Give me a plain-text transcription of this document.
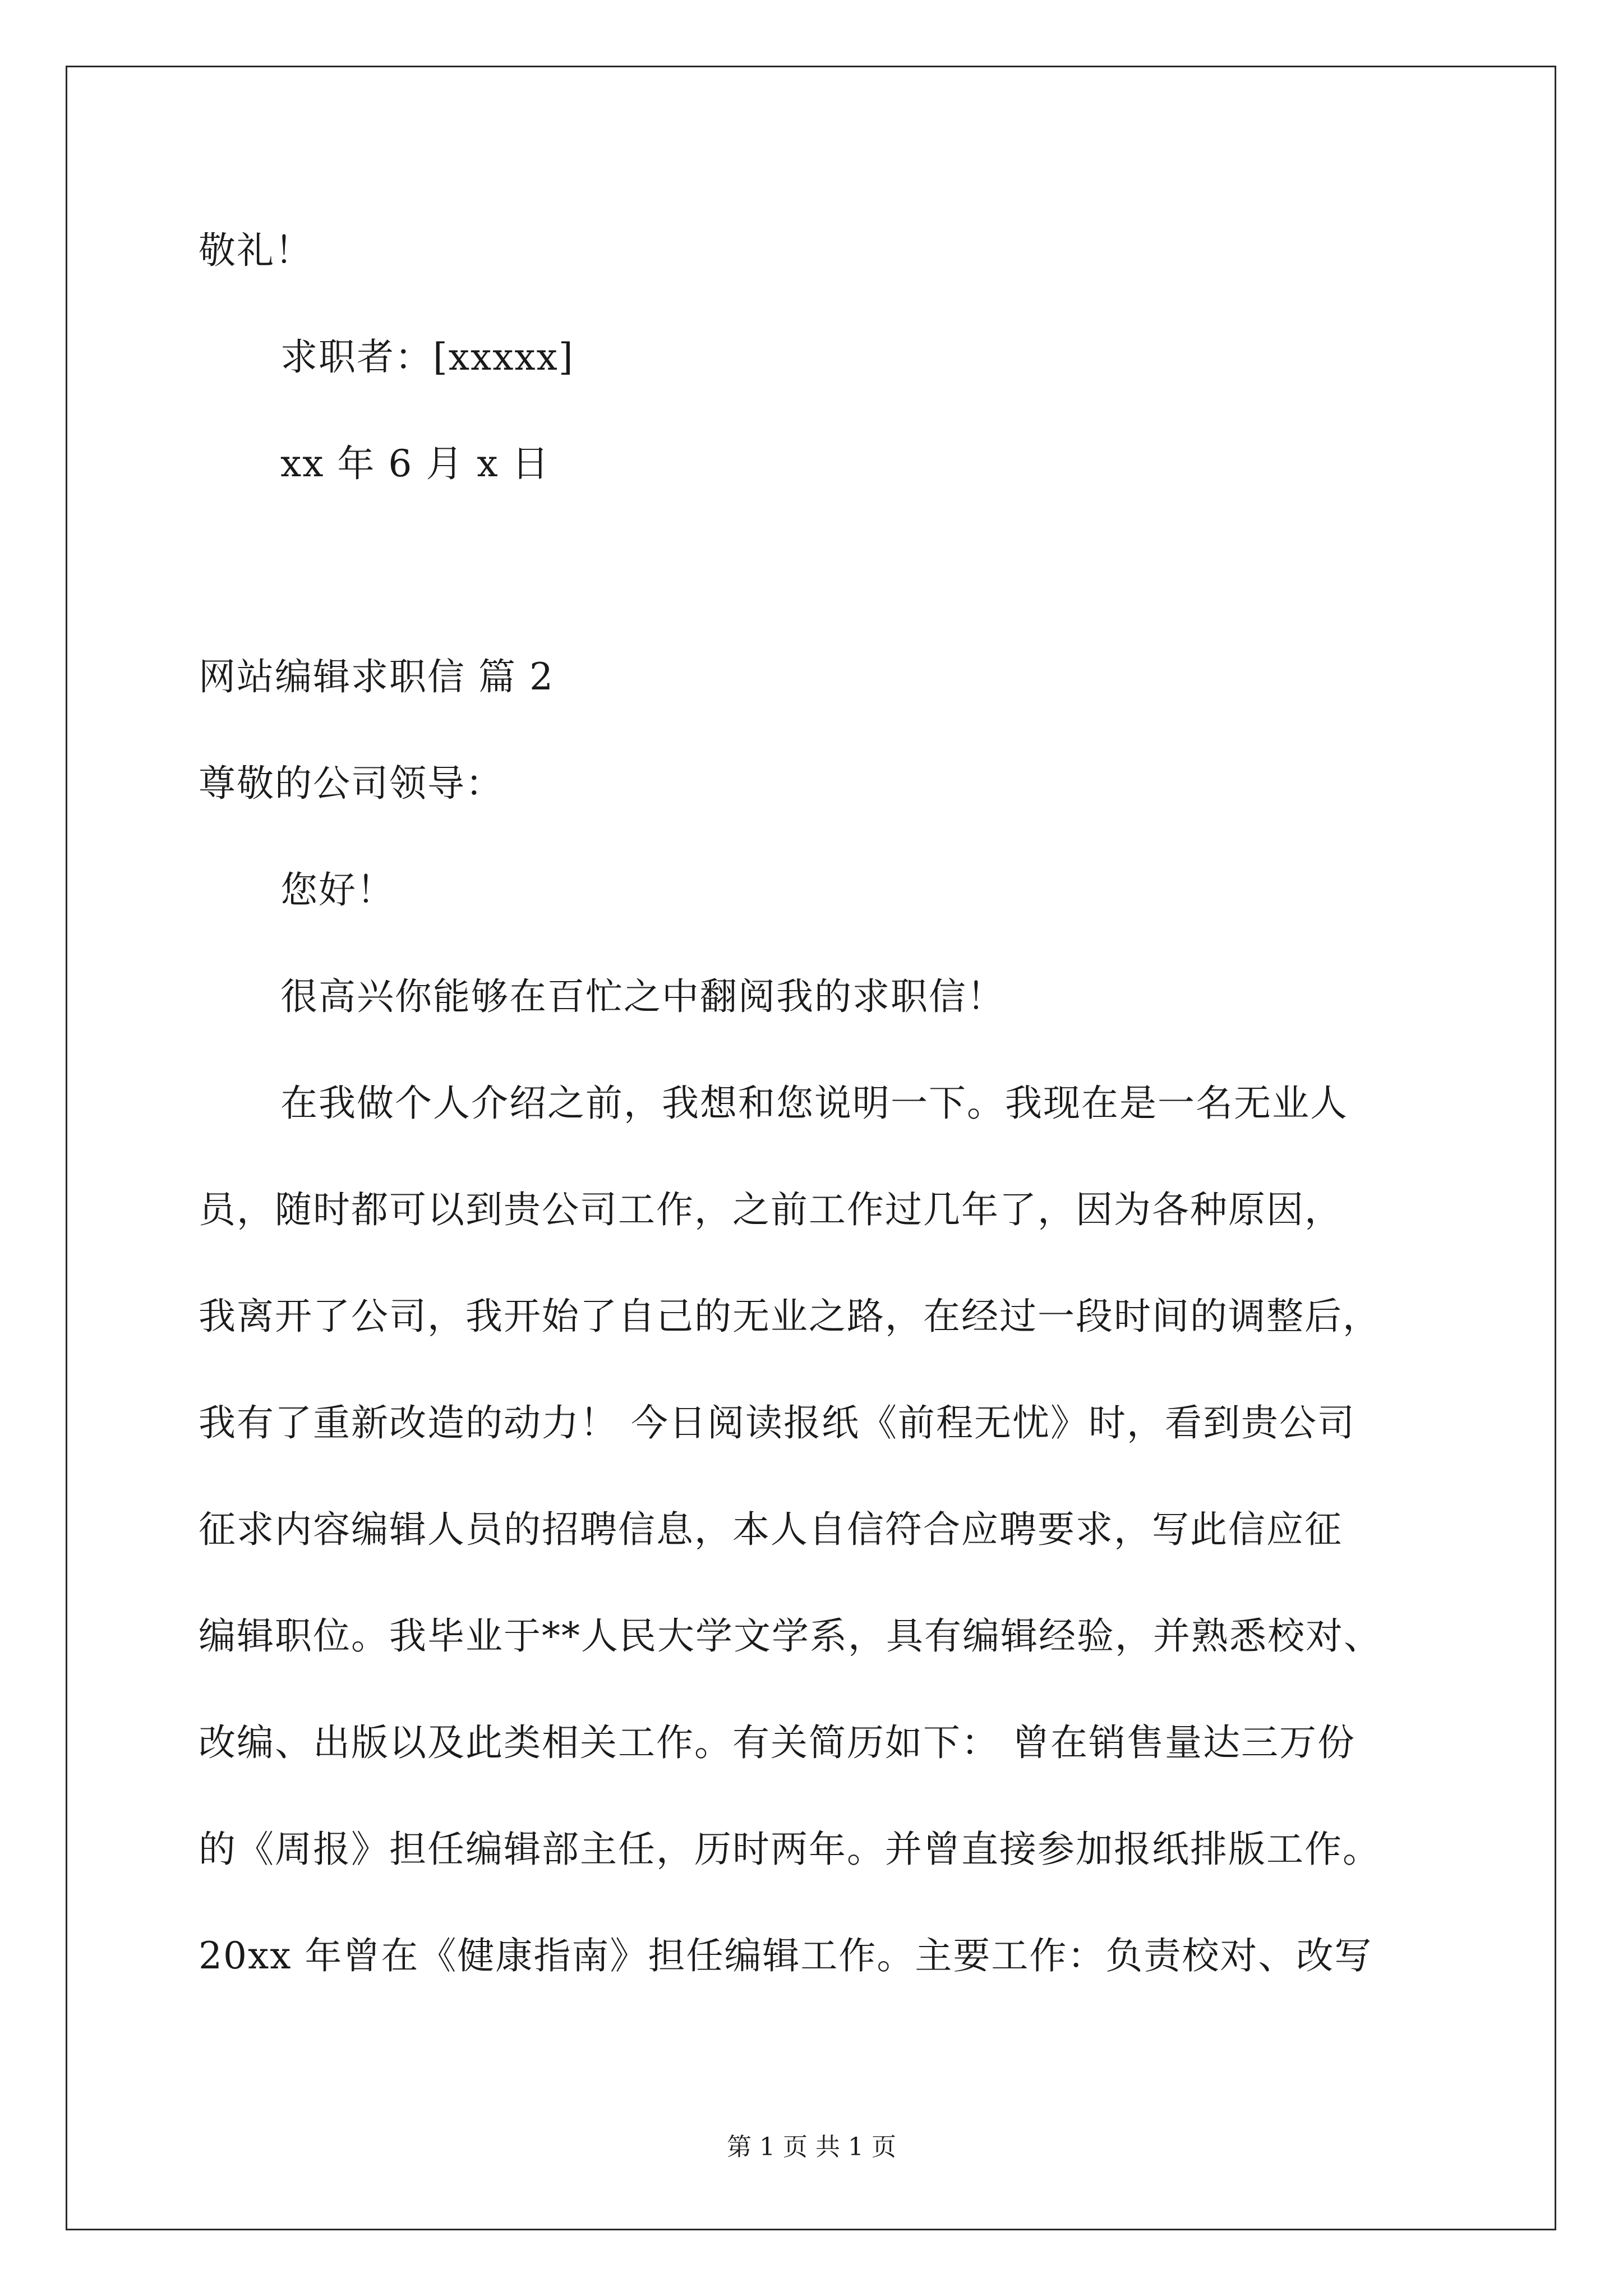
敬礼！
求职者：[xxxxx]
xx 年 6 月 x 日
网站编辑求职信 篇 2
尊敬的公司领导：
您好！
很高兴你能够在百忙之中翻阅我的求职信！
在我做个人介绍之前，我想和您说明一下。我现在是一名无业人
员，随时都可以到贵公司工作，之前工作过几年了，因为各种原因，
我离开了公司，我开始了自己的无业之路，在经过一段时间的调整后，
我有了重新改造的动力！ 今日阅读报纸《前程无忧》时，看到贵公司
征求内容编辑人员的招聘信息，本人自信符合应聘要求，写此信应征
编辑职位。我毕业于**人民大学文学系，具有编辑经验，并熟悉校对、
改编、出版以及此类相关工作。有关简历如下： 曾在销售量达三万份
的《周报》担任编辑部主任，历时两年。并曾直接参加报纸排版工作。
20xx 年曾在《健康指南》担任编辑工作。主要工作：负责校对、改写
第 1 页 共 1 页
